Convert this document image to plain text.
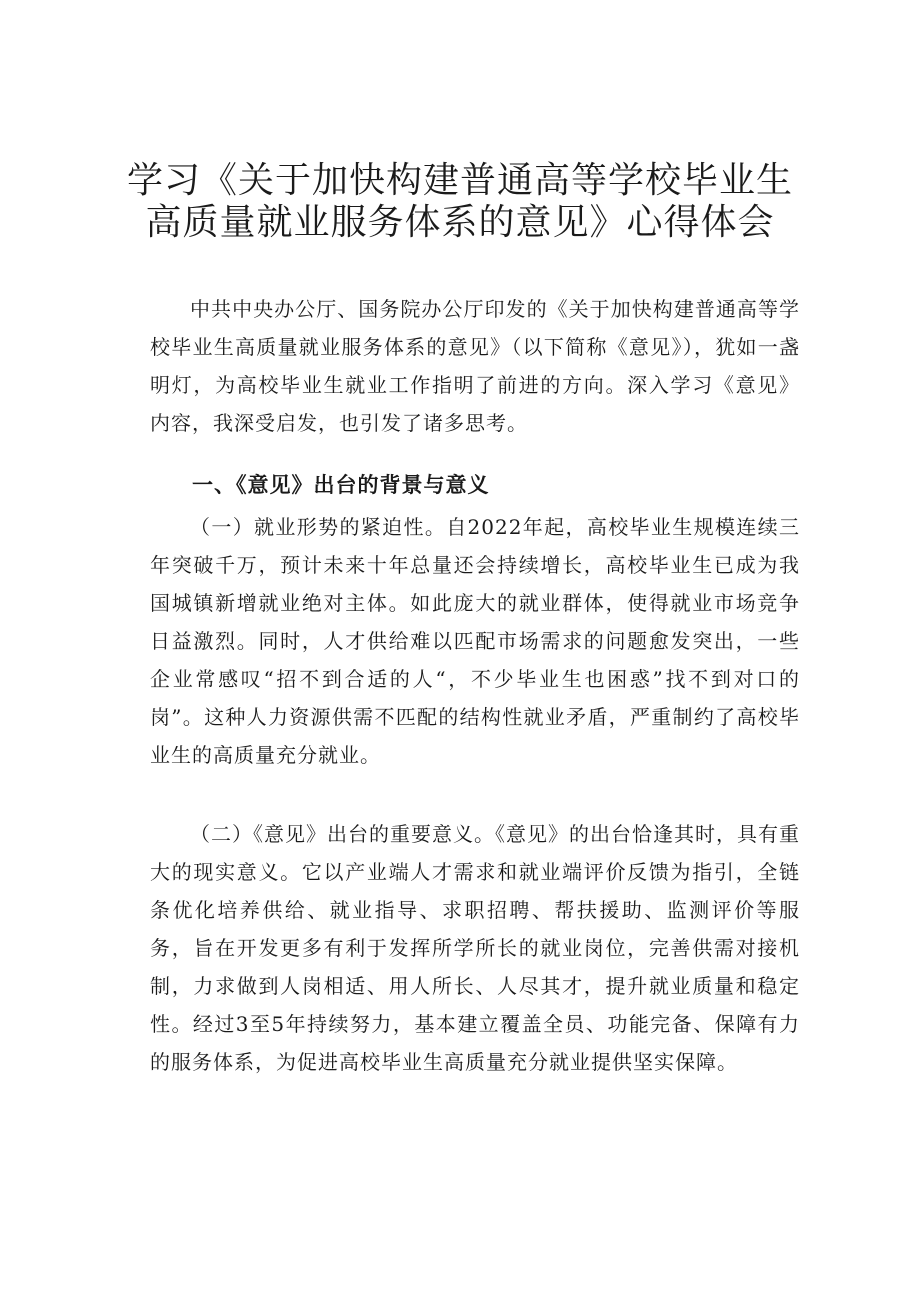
学习《关于加快构建普通高等学校毕业生
高质量就业服务体系的意见》心得体会

中共中央办公厅、国务院办公厅印发的《关于加快构建普通高等学校毕业生高质量就业服务体系的意见》（以下简称《意见》），犹如一盏明灯，为高校毕业生就业工作指明了前进的方向。深入学习《意见》内容，我深受启发，也引发了诸多思考。

一、《意见》出台的背景与意义

（一）就业形势的紧迫性。自2022年起，高校毕业生规模连续三年突破千万，预计未来十年总量还会持续增长，高校毕业生已成为我国城镇新增就业绝对主体。如此庞大的就业群体，使得就业市场竞争日益激烈。同时，人才供给难以匹配市场需求的问题愈发突出，一些企业常感叹“招不到合适的人“，不少毕业生也困惑”找不到对口的岗”。这种人力资源供需不匹配的结构性就业矛盾，严重制约了高校毕业生的高质量充分就业。

（二）《意见》出台的重要意义。《意见》的出台恰逢其时，具有重大的现实意义。它以产业端人才需求和就业端评价反馈为指引，全链条优化培养供给、就业指导、求职招聘、帮扶援助、监测评价等服务，旨在开发更多有利于发挥所学所长的就业岗位，完善供需对接机制，力求做到人岗相适、用人所长、人尽其才，提升就业质量和稳定性。经过3至5年持续努力，基本建立覆盖全员、功能完备、保障有力的服务体系，为促进高校毕业生高质量充分就业提供坚实保障。
